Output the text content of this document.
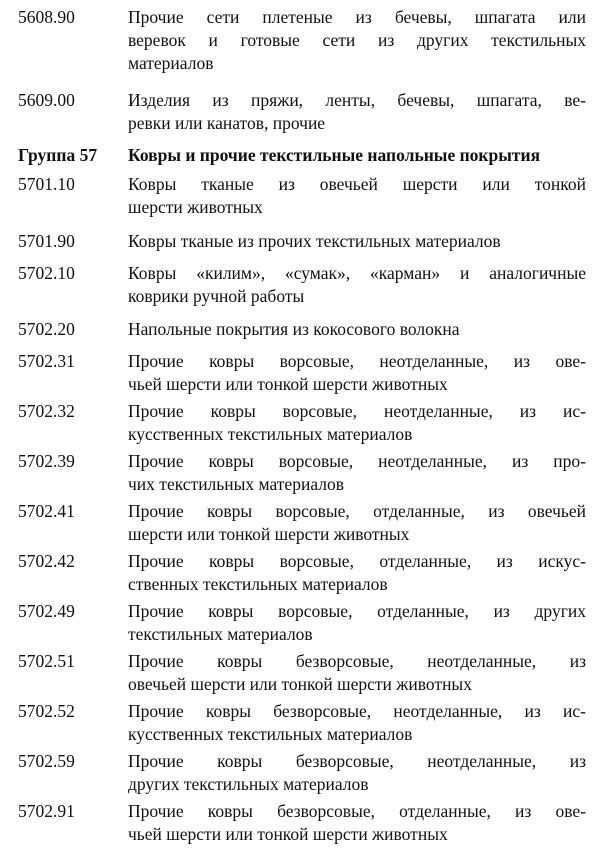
5608.90	Прочие сети плетеные из бечевы, шпагата или
веревок и готовые сети из других текстильных
материалов
5609.00	Изделия из пряжи, ленты, бечевы, шпагата, ве-
ревки или канатов, прочие
Группа 57 Ковры и прочие текстильные напольные покрытия
5701.10	Ковры тканые из овечьей шерсти или тонкой
шерсти животных
5701.90	Ковры тканые из прочих текстильных материалов
5702.10	Ковры «килим», «сумак», «карман» и аналогичные
коврики ручной работы
5702.20	Напольные покрытия из кокосового волокна
5702.31	Прочие ковры ворсовые, неотделанные, из ове-
чьей шерсти или тонкой шерсти животных
5702.32	Прочие ковры ворсовые, неотделанные, из ис-
кусственных текстильных материалов
5702.39	Прочие ковры ворсовые, неотделанные, из про-
чих текстильных материалов
5702.41	Прочие ковры ворсовые, отделанные, из овечьей
шерсти или тонкой шерсти животных
5702.42	Прочие ковры ворсовые, отделанные, из искус-
ственных текстильных материалов
5702.49	Прочие ковры ворсовые, отделанные, из других
текстильных материалов
5702.51	Прочие ковры безворсовые, неотделанные, из
овечьей шерсти или тонкой шерсти животных
5702.52	Прочие ковры безворсовые, неотделанные, из ис-
кусственных текстильных материалов
5702.59	Прочие ковры безворсовые, неотделанные, из
других текстильных материалов
5702.91	Прочие ковры безворсовые, отделанные, из ове-
чьей шерсти или тонкой шерсти животных
